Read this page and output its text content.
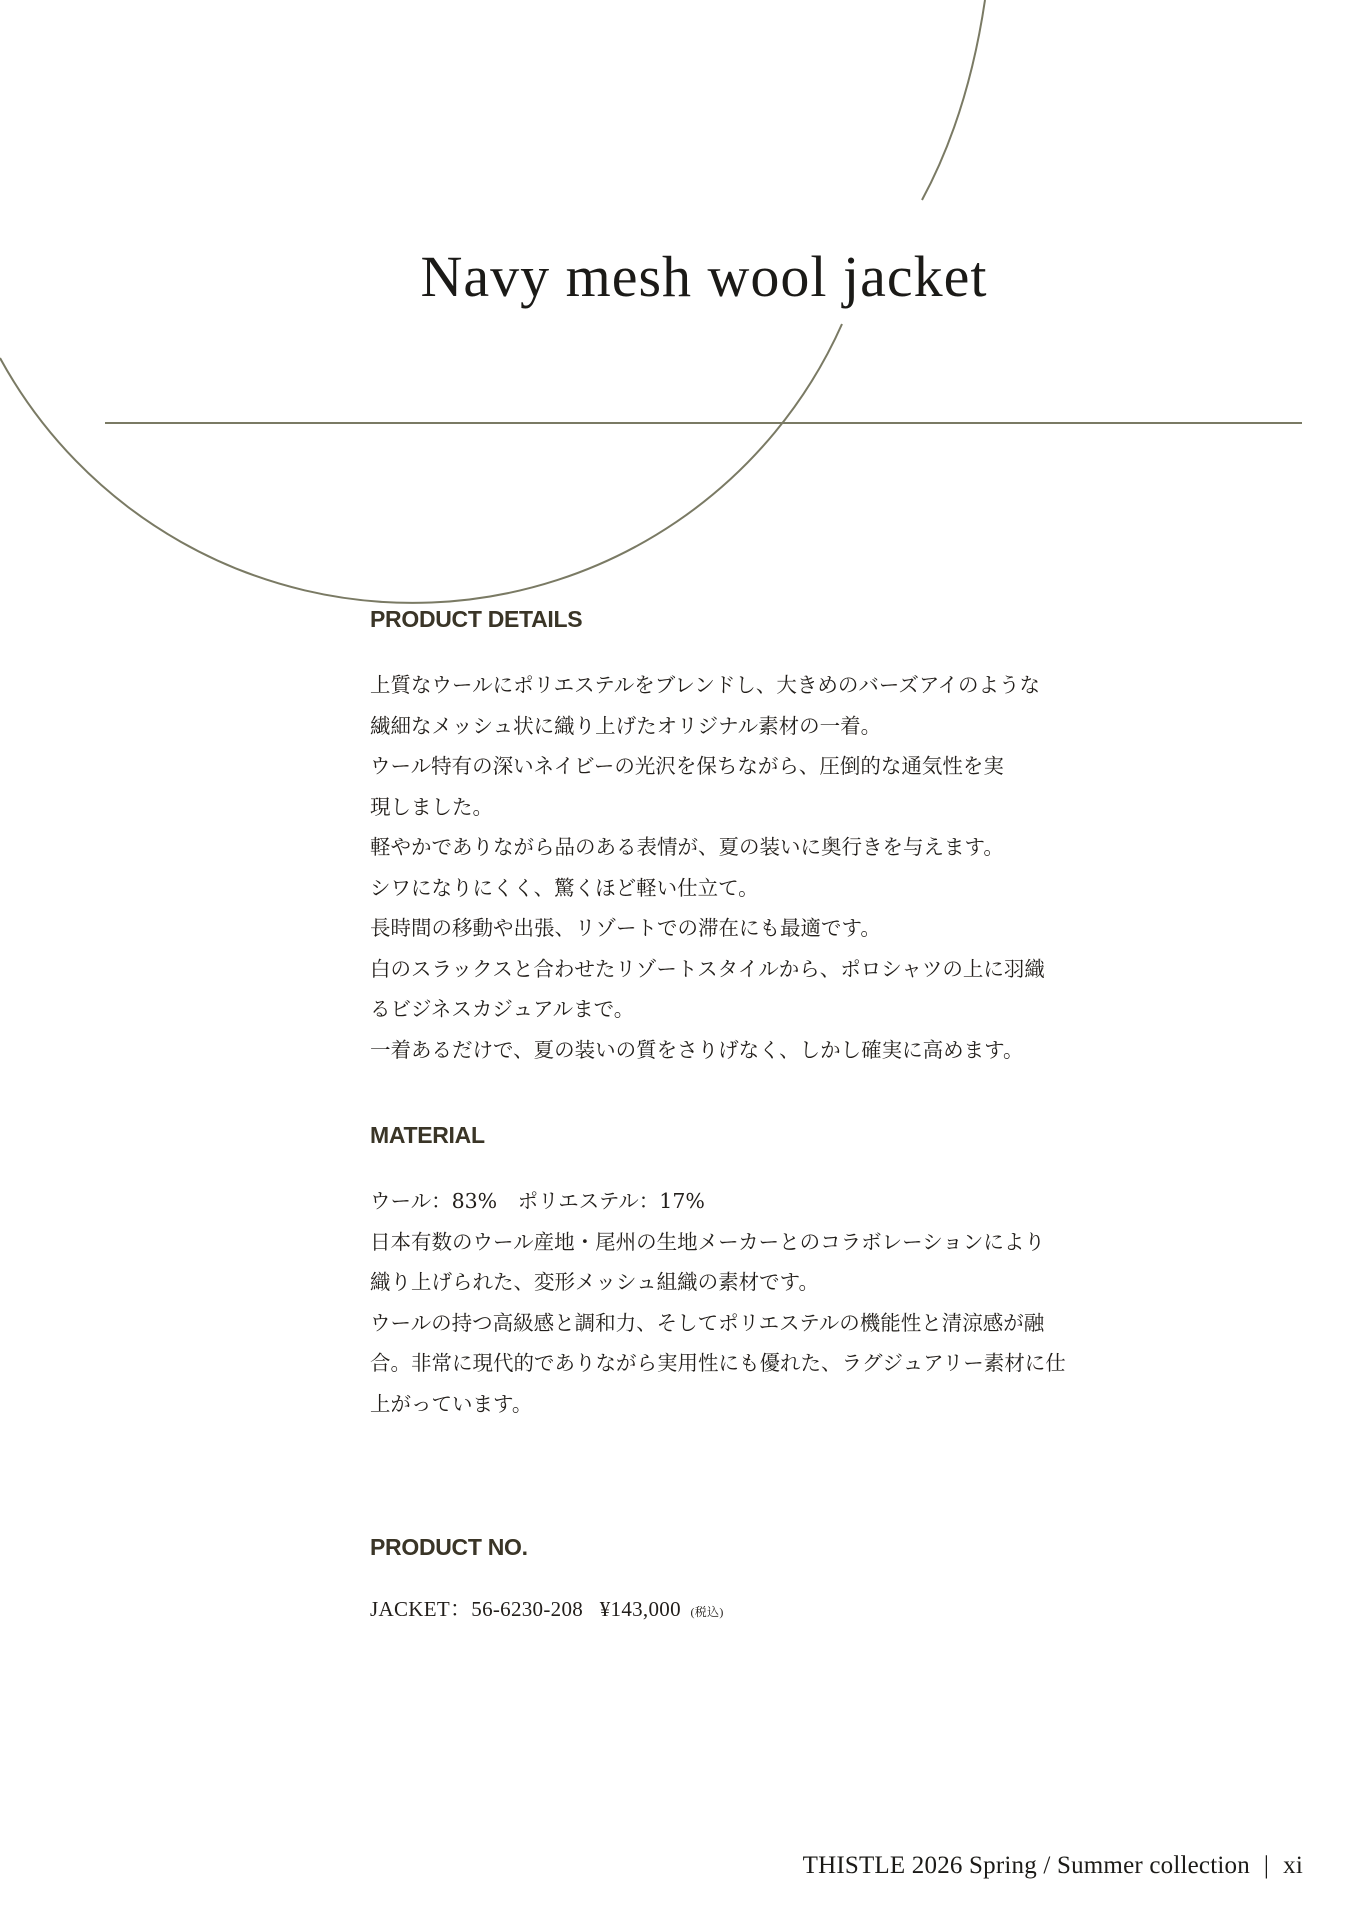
Navy mesh wool jacket
PRODUCT DETAILS
上質なウールにポリエステルをブレンドし、大きめのバーズアイのような
繊細なメッシュ状に織り上げたオリジナル素材の一着。
ウール特有の深いネイビーの光沢を保ちながら、圧倒的な通気性を実
現しました。
軽やかでありながら品のある表情が、夏の装いに奥行きを与えます。
シワになりにくく、驚くほど軽い仕立て。
長時間の移動や出張、リゾートでの滞在にも最適です。
白のスラックスと合わせたリゾートスタイルから、ポロシャツの上に羽織
るビジネスカジュアルまで。
一着あるだけで、夏の装いの質をさりげなく、しかし確実に高めます。
MATERIAL
ウール：83%　ポリエステル：17%
日本有数のウール産地・尾州の生地メーカーとのコラボレーションにより
織り上げられた、変形メッシュ組織の素材です。
ウールの持つ高級感と調和力、そしてポリエステルの機能性と清涼感が融
合。非常に現代的でありながら実用性にも優れた、ラグジュアリー素材に仕
上がっています。
PRODUCT NO.
JACKET：56-6230-208 ¥143,000 (税込)
THISTLE 2026 Spring / Summer collection | xi
